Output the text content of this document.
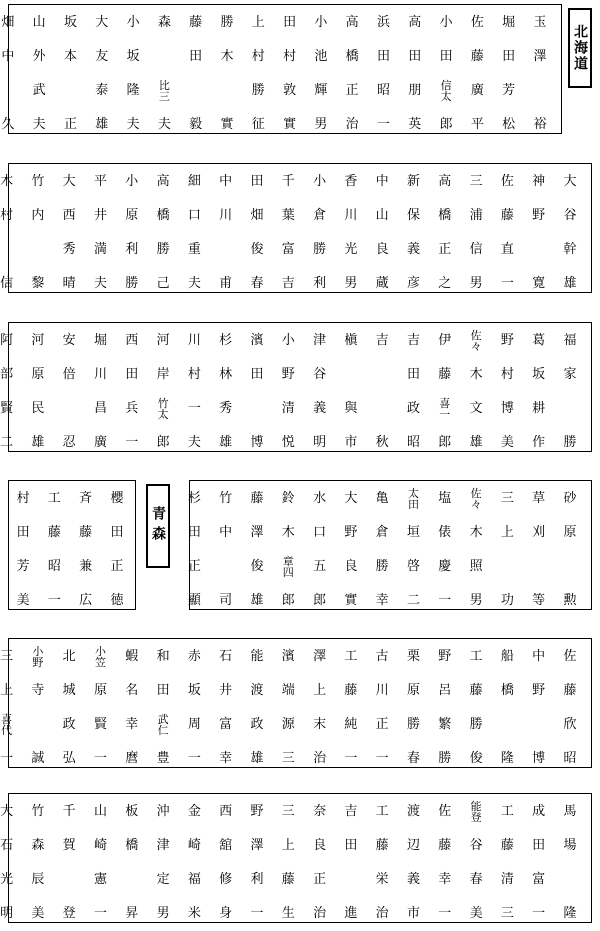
北海道
青森
畑
中
久
山
外
武
夫
坂
本
正
大
友
泰
雄
小
坂
隆
夫
森
比
三
夫
藤
田
毅
勝
木
實
上
村
勝
征
田
村
敦
實
小
池
輝
男
高
橋
正
治
浜
田
昭
一
高
田
朋
英
小
田
信
太
郎
佐
藤
廣
平
堀
田
芳
松
玉
澤
裕
木
村
信
竹
内
黎
大
西
秀
晴
平
井
満
夫
小
原
利
勝
高
橋
勝
己
細
口
重
夫
中
川
甫
田
畑
俊
春
千
葉
富
吉
小
倉
勝
利
香
川
光
男
中
山
良
蔵
新
保
義
彦
高
橋
正
之
三
浦
信
男
佐
藤
直
一
神
野
寛
大
谷
幹
雄
阿
部
賢
二
河
原
民
雄
安
倍
忍
堀
川
昌
廣
西
田
兵
一
河
岸
竹
太
郎
川
村
一
夫
杉
林
秀
雄
濱
田
博
小
野
清
悦
津
谷
義
明
槇
與
市
吉
秋
吉
田
政
昭
伊
藤
喜
一
郎
佐
々
木
文
雄
野
村
博
美
葛
坂
耕
作
福
家
勝
村
田
芳
美
工
藤
昭
一
斉
藤
兼
広
櫻
田
正
徳
杉
田
正
顯
竹
中
司
藤
澤
俊
雄
鈴
木
章
四
郎
水
口
五
郎
大
野
良
實
亀
倉
勝
幸
太
田
垣
啓
二
塩
俵
慶
一
佐
々
木
照
男
三
上
功
草
刈
等
砂
原
勲
三
上
喜
代
一
小
野
寺
誠
北
城
政
弘
小
笠
原
賢
一
蝦
名
幸
麿
和
田
武
仁
豊
赤
坂
周
一
石
井
富
幸
能
渡
政
雄
濱
端
源
三
澤
上
末
治
工
藤
純
一
古
川
正
一
栗
原
勝
春
野
呂
繁
勝
工
藤
勝
俊
船
橋
隆
中
野
博
佐
藤
欣
昭
大
石
光
明
竹
森
辰
美
千
賀
登
山
崎
憲
一
板
橋
昇
沖
津
定
男
金
崎
福
米
西
舘
修
身
野
澤
利
一
三
上
藤
生
奈
良
正
治
吉
田
進
工
藤
栄
治
渡
辺
義
市
佐
藤
幸
一
能
登
谷
春
美
工
藤
清
三
成
田
富
一
馬
場
隆
